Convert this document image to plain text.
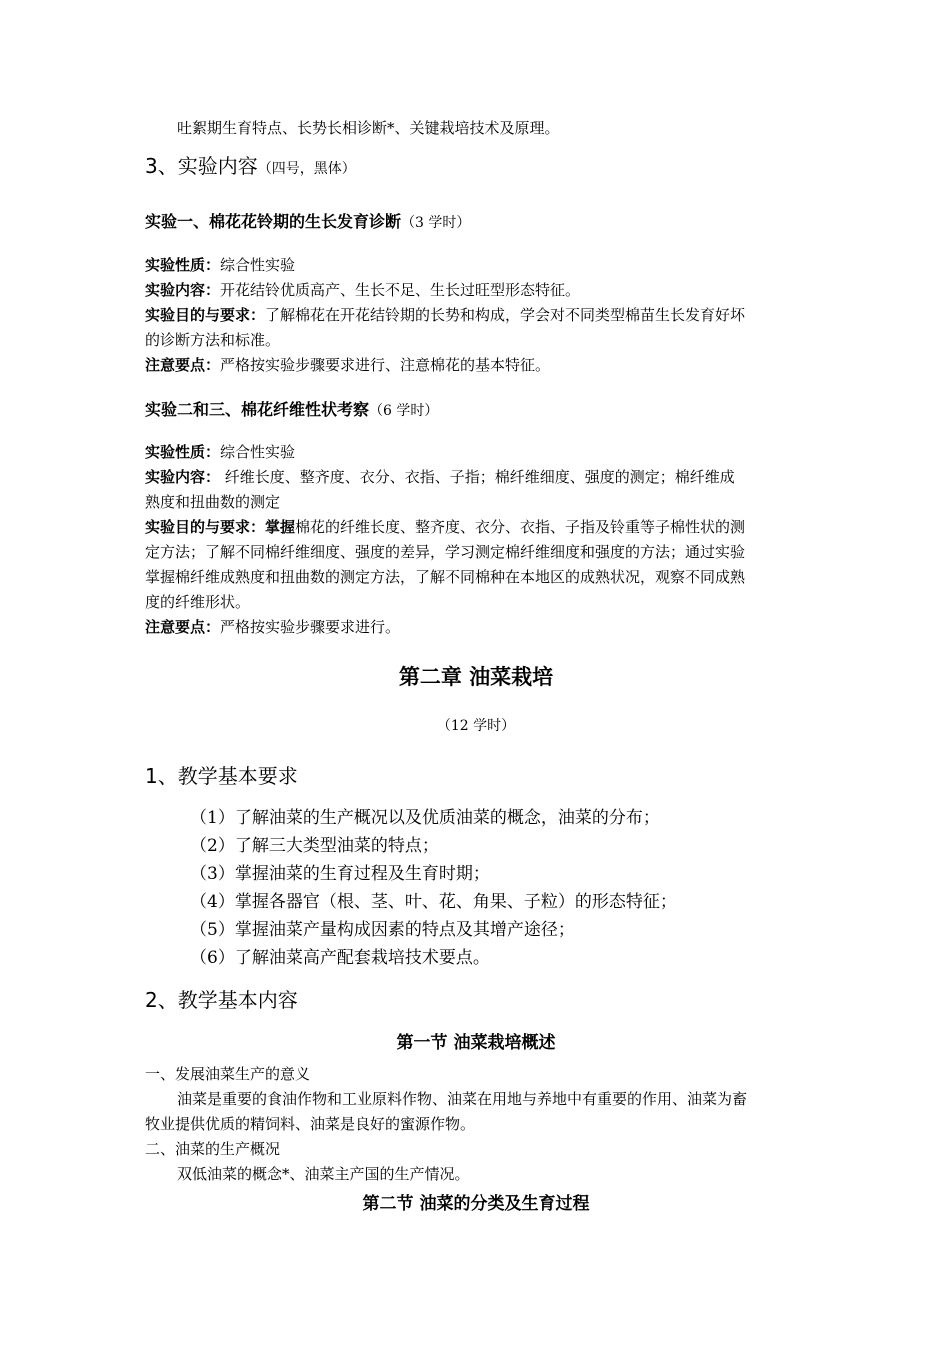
吐絮期生育特点、长势长相诊断*、关键栽培技术及原理。
3、实验内容（四号，黑体）
实验一、棉花花铃期的生长发育诊断（3 学时）
实验性质：综合性实验
实验内容：开花结铃优质高产、生长不足、生长过旺型形态特征。
实验目的与要求：了解棉花在开花结铃期的长势和构成，学会对不同类型棉苗生长发育好坏
的诊断方法和标准。
注意要点：严格按实验步骤要求进行、注意棉花的基本特征。
实验二和三、棉花纤维性状考察（6 学时）
实验性质：综合性实验
实验内容： 纤维长度、整齐度、衣分、衣指、子指；棉纤维细度、强度的测定；棉纤维成
熟度和扭曲数的测定
实验目的与要求：掌握棉花的纤维长度、整齐度、衣分、衣指、子指及铃重等子棉性状的测
定方法；了解不同棉纤维细度、强度的差异，学习测定棉纤维细度和强度的方法；通过实验
掌握棉纤维成熟度和扭曲数的测定方法，了解不同棉种在本地区的成熟状况，观察不同成熟
度的纤维形状。
注意要点：严格按实验步骤要求进行。
第二章 油菜栽培
（12 学时）
1、教学基本要求
（1）了解油菜的生产概况以及优质油菜的概念，油菜的分布；
（2）了解三大类型油菜的特点；
（3）掌握油菜的生育过程及生育时期；
（4）掌握各器官（根、茎、叶、花、角果、子粒）的形态特征；
（5）掌握油菜产量构成因素的特点及其增产途径；
（6）了解油菜高产配套栽培技术要点。
2、教学基本内容
第一节 油菜栽培概述
一、发展油菜生产的意义
油菜是重要的食油作物和工业原料作物、油菜在用地与养地中有重要的作用、油菜为畜
牧业提供优质的精饲料、油菜是良好的蜜源作物。
二、油菜的生产概况
双低油菜的概念*、油菜主产国的生产情况。
第二节 油菜的分类及生育过程
